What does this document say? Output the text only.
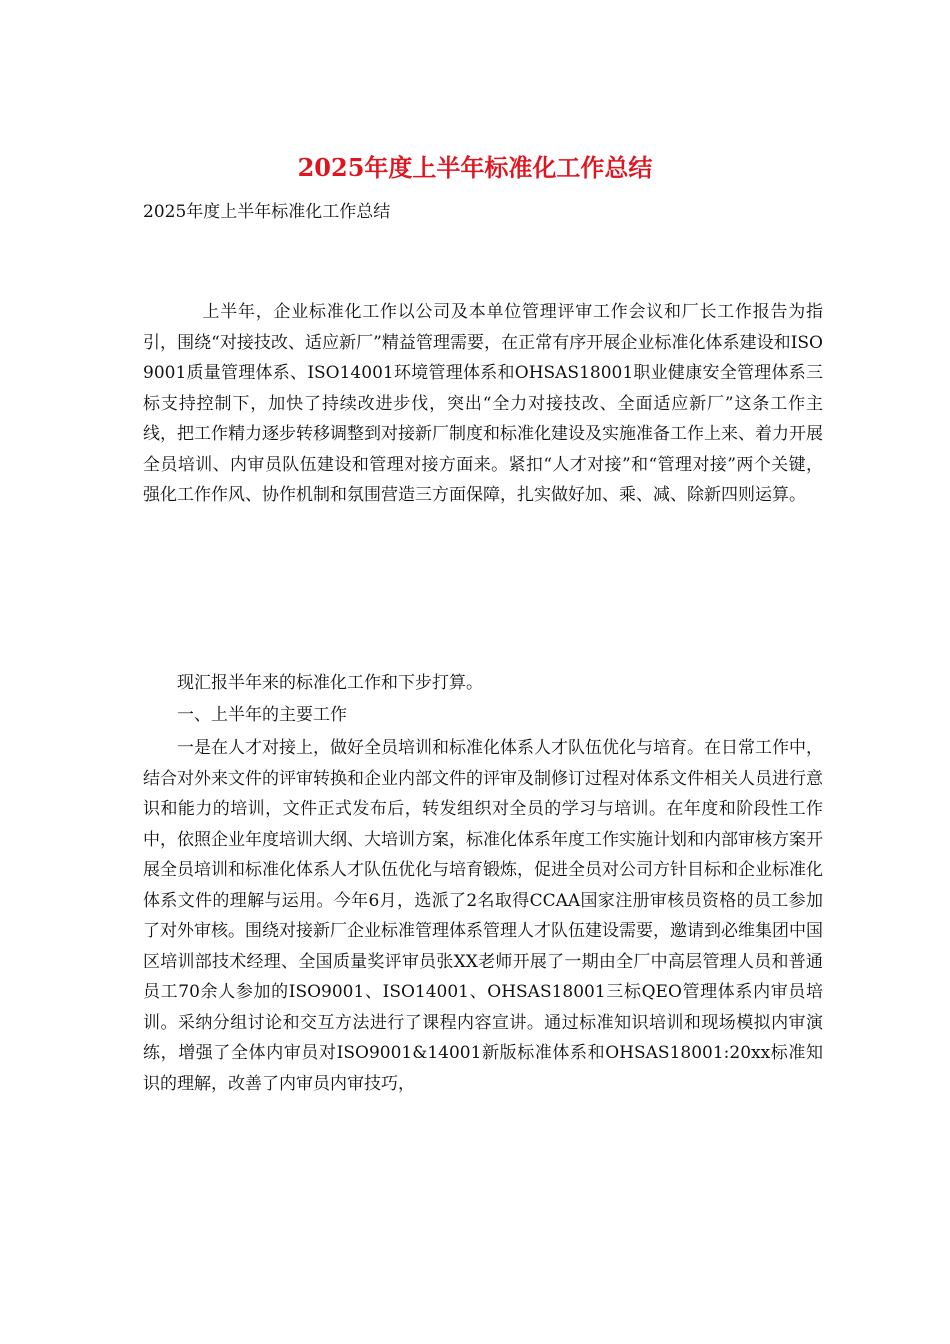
2025年度上半年标准化工作总结
2025年度上半年标准化工作总结

上半年，企业标准化工作以公司及本单位管理评审工作会议和厂长工作报告为指引，围绕“对接技改、适应新厂”精益管理需要，在正常有序开展企业标准化体系建设和ISO9001质量管理体系、ISO14001环境管理体系和OHSAS18001职业健康安全管理体系三标支持控制下，加快了持续改进步伐，突出“全力对接技改、全面适应新厂”这条工作主线，把工作精力逐步转移调整到对接新厂制度和标准化建设及实施准备工作上来、着力开展全员培训、内审员队伍建设和管理对接方面来。紧扣“人才对接”和“管理对接”两个关键，强化工作作风、协作机制和氛围营造三方面保障，扎实做好加、乘、减、除新四则运算。

现汇报半年来的标准化工作和下步打算。

一、上半年的主要工作

一是在人才对接上，做好全员培训和标准化体系人才队伍优化与培育。在日常工作中，结合对外来文件的评审转换和企业内部文件的评审及制修订过程对体系文件相关人员进行意识和能力的培训，文件正式发布后，转发组织对全员的学习与培训。在年度和阶段性工作中，依照企业年度培训大纲、大培训方案，标准化体系年度工作实施计划和内部审核方案开展全员培训和标准化体系人才队伍优化与培育锻炼，促进全员对公司方针目标和企业标准化体系文件的理解与运用。今年6月，选派了2名取得CCAA国家注册审核员资格的员工参加了对外审核。围绕对接新厂企业标准管理体系管理人才队伍建设需要，邀请到必维集团中国区培训部技术经理、全国质量奖评审员张XX老师开展了一期由全厂中高层管理人员和普通员工70余人参加的ISO9001、ISO14001、OHSAS18001三标QEO管理体系内审员培训。采纳分组讨论和交互方法进行了课程内容宣讲。通过标准知识培训和现场模拟内审演练，增强了全体内审员对ISO9001&14001新版标准体系和OHSAS18001:20xx标准知识的理解，改善了内审员内审技巧，
